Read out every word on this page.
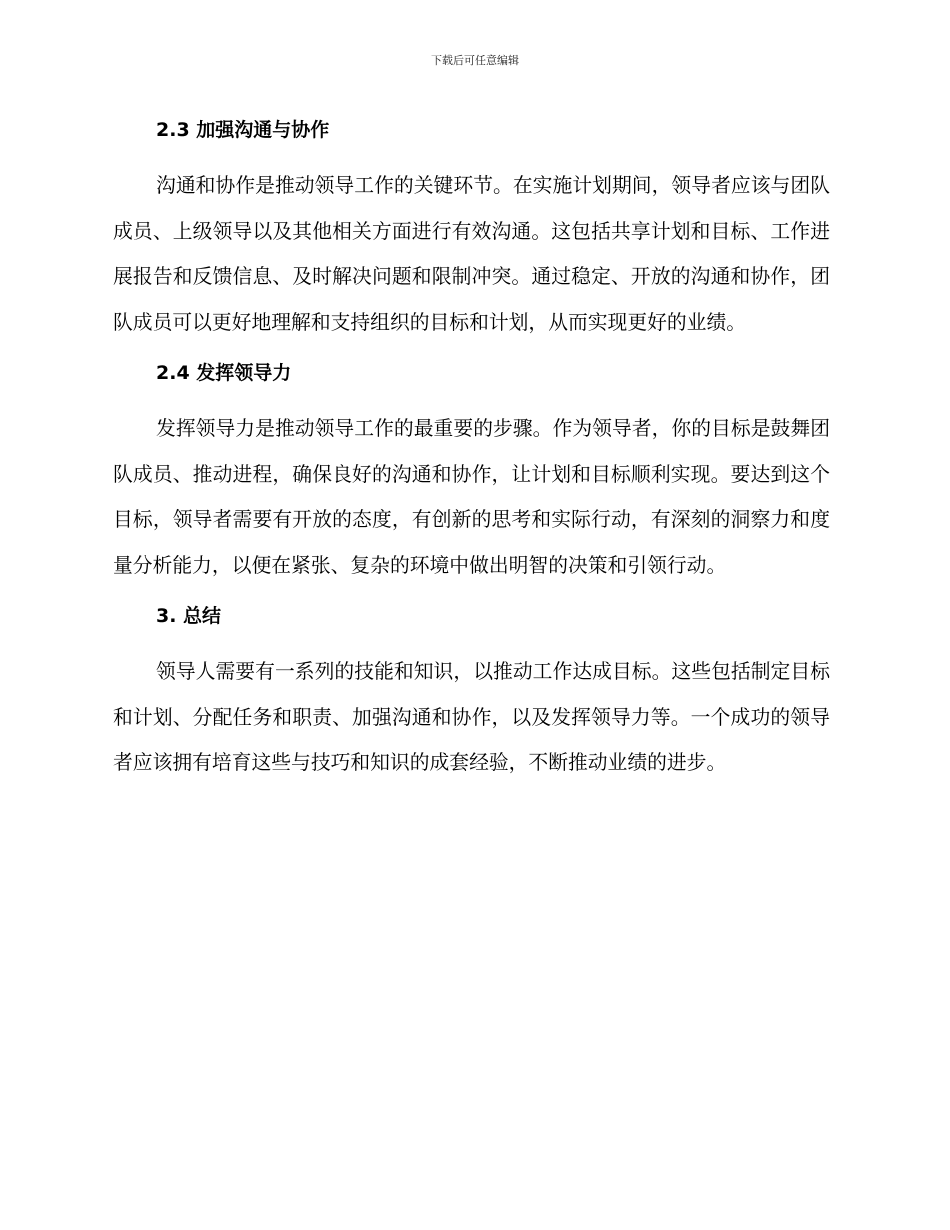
下载后可任意编辑
2.3 加强沟通与协作

沟通和协作是推动领导工作的关键环节。在实施计划期间，领导者应该与团队成员、上级领导以及其他相关方面进行有效沟通。这包括共享计划和目标、工作进展报告和反馈信息、及时解决问题和限制冲突。通过稳定、开放的沟通和协作，团队成员可以更好地理解和支持组织的目标和计划，从而实现更好的业绩。

2.4 发挥领导力

发挥领导力是推动领导工作的最重要的步骤。作为领导者，你的目标是鼓舞团队成员、推动进程，确保良好的沟通和协作，让计划和目标顺利实现。要达到这个目标，领导者需要有开放的态度，有创新的思考和实际行动，有深刻的洞察力和度量分析能力，以便在紧张、复杂的环境中做出明智的决策和引领行动。

3. 总结

领导人需要有一系列的技能和知识，以推动工作达成目标。这些包括制定目标和计划、分配任务和职责、加强沟通和协作，以及发挥领导力等。一个成功的领导者应该拥有培育这些与技巧和知识的成套经验，不断推动业绩的进步。
